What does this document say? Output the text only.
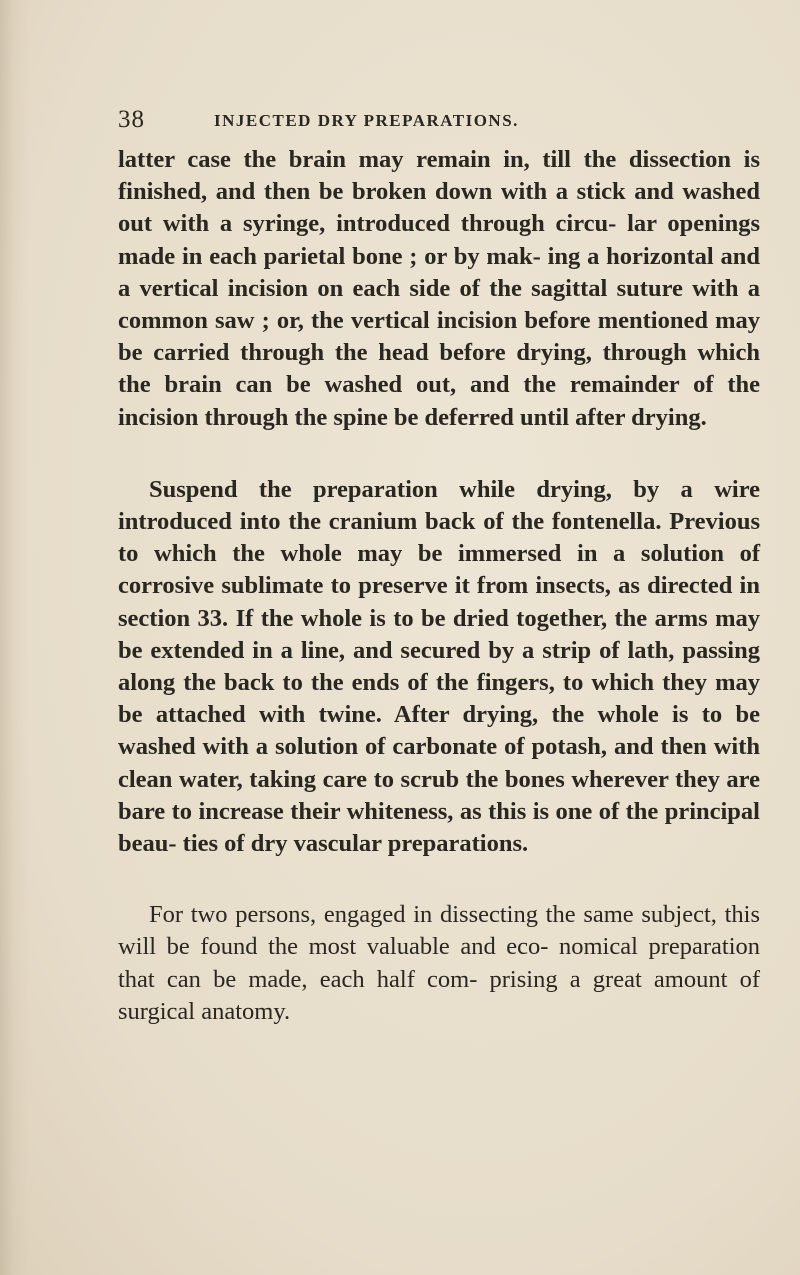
38	INJECTED DRY PREPARATIONS.

latter case the brain may remain in, till the dissection is finished, and then be broken down with a stick and washed out with a syringe, introduced through circu- lar openings made in each parietal bone ; or by mak- ing a horizontal and a vertical incision on each side of the sagittal suture with a common saw ; or, the vertical incision before mentioned may be carried through the head before drying, through which the brain can be washed out, and the remainder of the incision through the spine be deferred until after drying.

Suspend the preparation while drying, by a wire introduced into the cranium back of the fontenella. Previous to which the whole may be immersed in a solution of corrosive sublimate to preserve it from insects, as directed in section 33. If the whole is to be dried together, the arms may be extended in a line, and secured by a strip of lath, passing along the back to the ends of the fingers, to which they may be attached with twine. After drying, the whole is to be washed with a solution of carbonate of potash, and then with clean water, taking care to scrub the bones wherever they are bare to increase their whiteness, as this is one of the principal beau- ties of dry vascular preparations.

For two persons, engaged in dissecting the same subject, this will be found the most valuable and eco- nomical preparation that can be made, each half com- prising a great amount of surgical anatomy.
